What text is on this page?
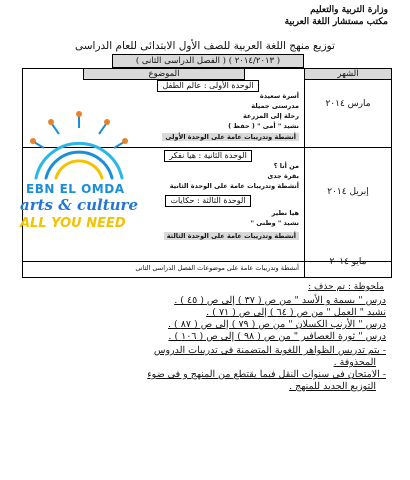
وزارة التربية والتعليم
مكتب مستشار اللغة العربية
توزيع منهج اللغة العربية للصف الأول الابتدائى للعام الدراسى
( ٢٠١٤/٢٠١٣ ) ( الفصل الدراسى الثانى )
الشهر
الموضوع
مارس ٢٠١٤
الوحدة الأولى : عالم الطفل
أسرة سعيدة
مدرستى جميلة
رحلة إلى المزرعة
نشيد " أمى " ( حفظ )
أنشطة وتدريبات عامة على الوحدة الأولى
إبريل ٢٠١٤
الوحدة الثانية : هيا نفكر
من أنا ؟
بقرة جدى
أنشطة وتدريبات عامة على الوحدة الثانية
الوحدة الثالثة : حكايات
هيا نطير
نشيد " وطنى "
أنشطة وتدريبات عامة على الوحدة الثالثة
مايو ٢٠١٤
أنشطة وتدريبات عامة على موضوعات الفصل الدراسى الثانى
EBN EL OMDA
arts & culture
ALL YOU NEED
ملحوظة : تم حذف :
درس " بسمة و الأسد " من ص ( ٣٧ ) إلى ص ( ٤٥ ) .
نشيد " العمل " من ص ( ٦٤ ) إلى ص ( ٧١ ) .
درس " الأرنب الكسلان " من ص ( ٧٩ ) إلى ص ( ٨٧ ) .
درس " ثورة العصافير " من ص ( ٩٨ ) إلى ص ( ١٠٦ ) .
- يتم تدريس الظواهر اللغوية المتضمنة فى تدريبات الدروس
المحذوفة .
- الامتحان فى سنوات النقل فيما يقتطع من المنهج و فى ضوء
التوزيع الجديد للمنهج .
